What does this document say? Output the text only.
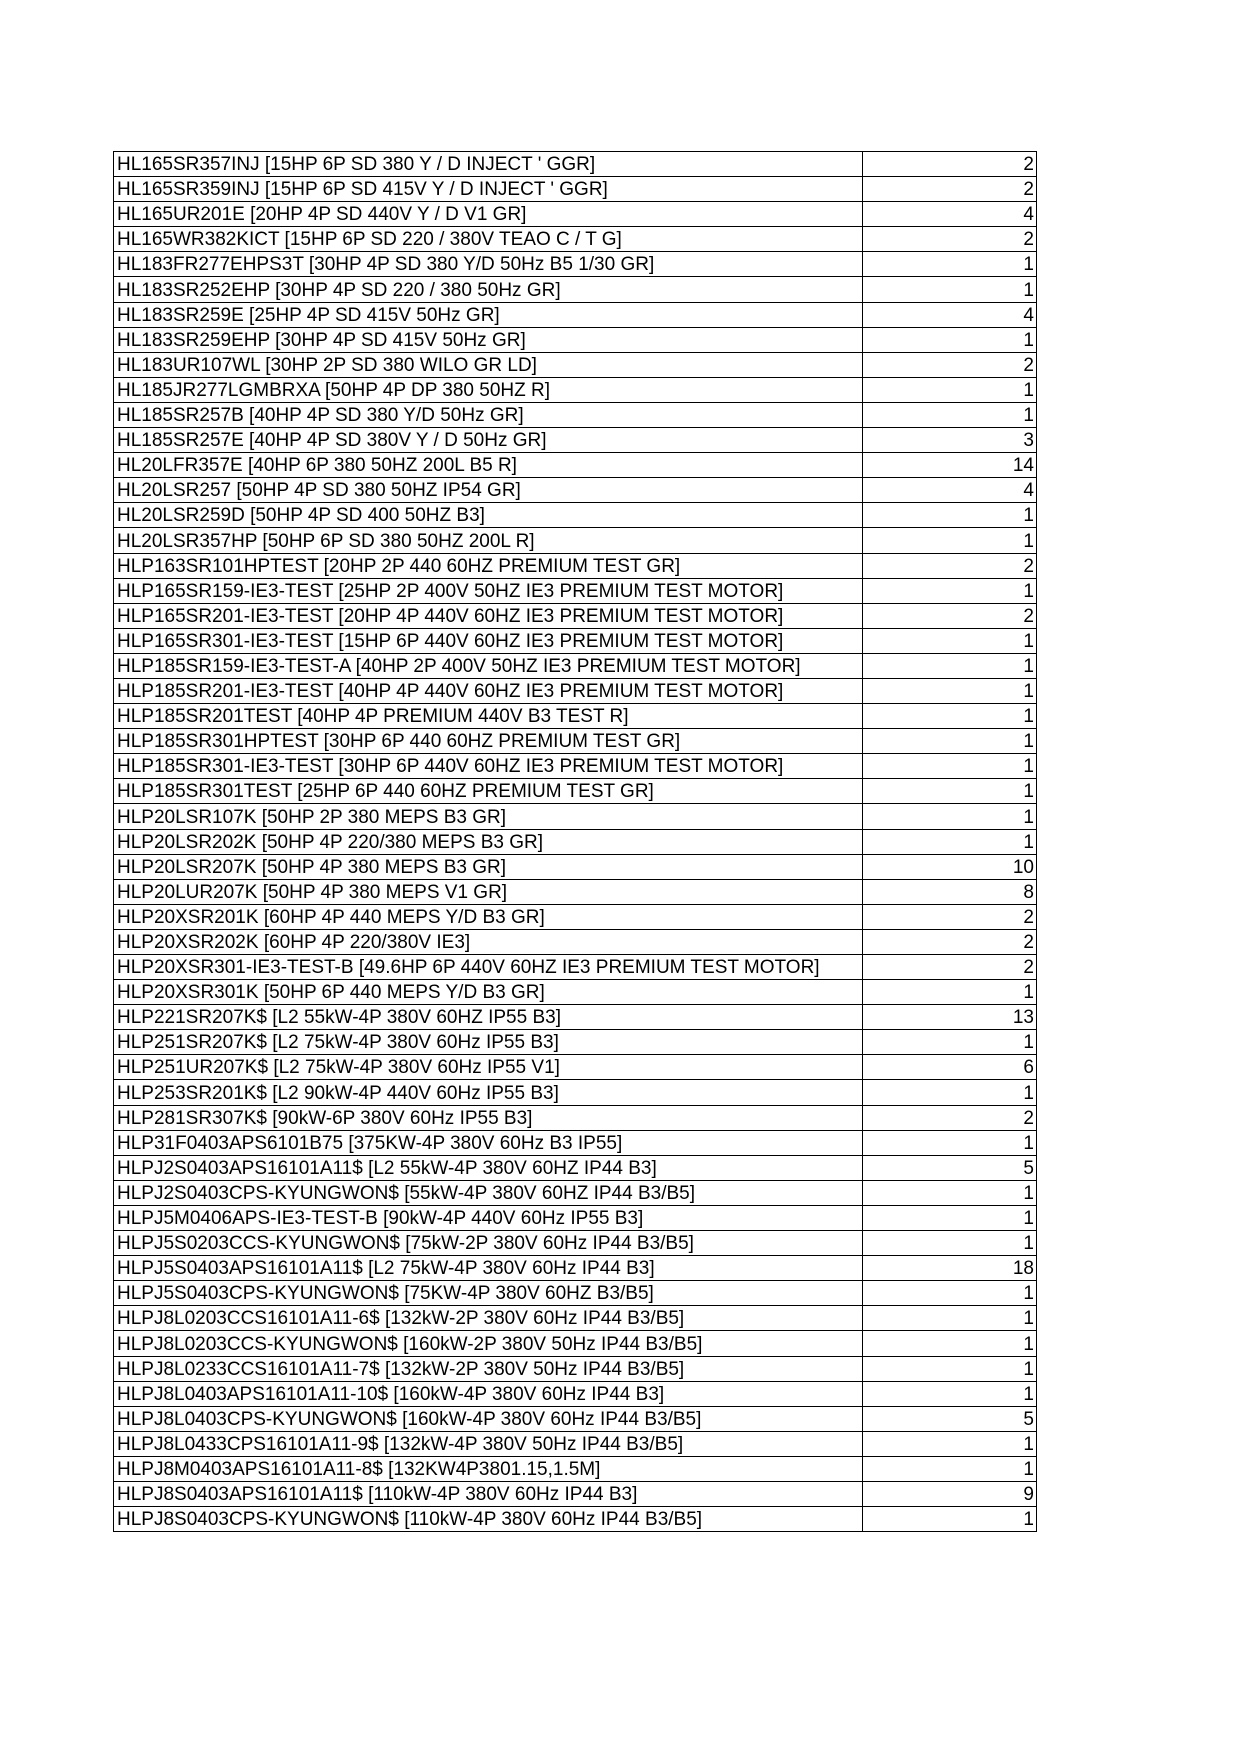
HL165SR357INJ [15HP 6P SD 380 Y / D INJECT ' GGR]	2
HL165SR359INJ [15HP 6P SD 415V Y / D INJECT ' GGR]	2
HL165UR201E [20HP 4P SD 440V Y / D V1 GR]	4
HL165WR382KICT [15HP 6P SD 220 / 380V TEAO C / T G]	2
HL183FR277EHPS3T [30HP 4P SD 380 Y/D 50Hz B5 1/30 GR]	1
HL183SR252EHP [30HP 4P SD 220 / 380 50Hz GR]	1
HL183SR259E [25HP 4P SD 415V 50Hz GR]	4
HL183SR259EHP [30HP 4P SD 415V 50Hz GR]	1
HL183UR107WL [30HP 2P SD 380 WILO GR LD]	2
HL185JR277LGMBRXA [50HP 4P DP 380 50HZ R]	1
HL185SR257B [40HP 4P SD 380 Y/D 50Hz GR]	1
HL185SR257E [40HP 4P SD 380V Y / D 50Hz GR]	3
HL20LFR357E [40HP 6P 380 50HZ 200L B5 R]	14
HL20LSR257 [50HP 4P SD 380 50HZ IP54 GR]	4
HL20LSR259D [50HP 4P SD 400 50HZ B3]	1
HL20LSR357HP [50HP 6P SD 380 50HZ 200L R]	1
HLP163SR101HPTEST [20HP 2P 440 60HZ PREMIUM TEST GR]	2
HLP165SR159-IE3-TEST [25HP 2P 400V 50HZ IE3 PREMIUM TEST MOTOR]	1
HLP165SR201-IE3-TEST [20HP 4P 440V 60HZ IE3 PREMIUM TEST MOTOR]	2
HLP165SR301-IE3-TEST [15HP 6P 440V 60HZ IE3 PREMIUM TEST MOTOR]	1
HLP185SR159-IE3-TEST-A [40HP 2P 400V 50HZ IE3 PREMIUM TEST MOTOR]	1
HLP185SR201-IE3-TEST [40HP 4P 440V 60HZ IE3 PREMIUM TEST MOTOR]	1
HLP185SR201TEST [40HP 4P PREMIUM 440V B3 TEST R]	1
HLP185SR301HPTEST [30HP 6P 440 60HZ PREMIUM TEST GR]	1
HLP185SR301-IE3-TEST [30HP 6P 440V 60HZ IE3 PREMIUM TEST MOTOR]	1
HLP185SR301TEST [25HP 6P 440 60HZ PREMIUM TEST GR]	1
HLP20LSR107K [50HP 2P 380 MEPS B3 GR]	1
HLP20LSR202K [50HP 4P 220/380 MEPS B3 GR]	1
HLP20LSR207K [50HP 4P 380 MEPS B3 GR]	10
HLP20LUR207K [50HP 4P 380 MEPS V1 GR]	8
HLP20XSR201K [60HP 4P 440 MEPS Y/D B3 GR]	2
HLP20XSR202K [60HP 4P 220/380V IE3]	2
HLP20XSR301-IE3-TEST-B [49.6HP 6P 440V 60HZ IE3 PREMIUM TEST MOTOR]	2
HLP20XSR301K [50HP 6P 440 MEPS Y/D B3 GR]	1
HLP221SR207K$ [L2 55kW-4P 380V 60HZ IP55 B3]	13
HLP251SR207K$ [L2 75kW-4P 380V 60Hz IP55 B3]	1
HLP251UR207K$ [L2 75kW-4P 380V 60Hz IP55 V1]	6
HLP253SR201K$ [L2 90kW-4P 440V 60Hz IP55 B3]	1
HLP281SR307K$ [90kW-6P 380V 60Hz IP55 B3]	2
HLP31F0403APS6101B75 [375KW-4P 380V 60Hz B3 IP55]	1
HLPJ2S0403APS16101A11$ [L2 55kW-4P 380V 60HZ IP44 B3]	5
HLPJ2S0403CPS-KYUNGWON$ [55kW-4P 380V 60HZ IP44 B3/B5]	1
HLPJ5M0406APS-IE3-TEST-B [90kW-4P 440V 60Hz IP55 B3]	1
HLPJ5S0203CCS-KYUNGWON$ [75kW-2P 380V 60Hz IP44 B3/B5]	1
HLPJ5S0403APS16101A11$ [L2 75kW-4P 380V 60Hz IP44 B3]	18
HLPJ5S0403CPS-KYUNGWON$ [75KW-4P 380V 60HZ B3/B5]	1
HLPJ8L0203CCS16101A11-6$ [132kW-2P 380V 60Hz IP44 B3/B5]	1
HLPJ8L0203CCS-KYUNGWON$ [160kW-2P 380V 50Hz IP44 B3/B5]	1
HLPJ8L0233CCS16101A11-7$ [132kW-2P 380V 50Hz IP44 B3/B5]	1
HLPJ8L0403APS16101A11-10$ [160kW-4P 380V 60Hz IP44 B3]	1
HLPJ8L0403CPS-KYUNGWON$ [160kW-4P 380V 60Hz IP44 B3/B5]	5
HLPJ8L0433CPS16101A11-9$ [132kW-4P 380V 50Hz IP44 B3/B5]	1
HLPJ8M0403APS16101A11-8$ [132KW4P3801.15,1.5M]	1
HLPJ8S0403APS16101A11$ [110kW-4P 380V 60Hz IP44 B3]	9
HLPJ8S0403CPS-KYUNGWON$ [110kW-4P 380V 60Hz IP44 B3/B5]	1
